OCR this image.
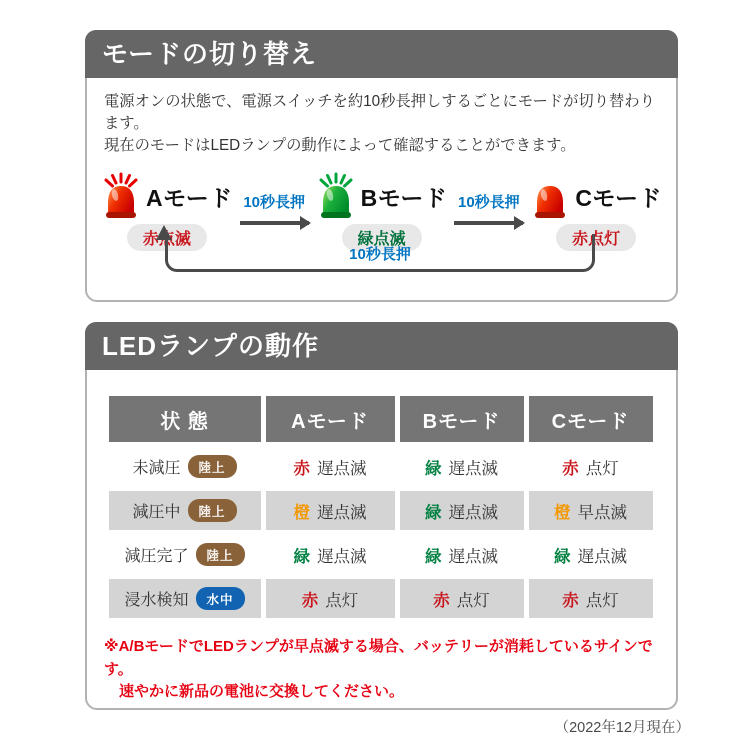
モードの切り替え
電源オンの状態で、電源スイッチを約10秒長押しするごとにモードが切り替わります。
現在のモードはLEDランプの動作によって確認することができます。
Aモード
赤点滅
10秒長押 Bモード
緑点滅
10秒長押 Cモード
赤点灯
10秒長押
LEDランプの動作
状 態	Aモード	Bモード	Cモード
未減圧	陸上	赤 遅点滅	緑 遅点滅	赤 点灯
減圧中	陸上	橙 遅点滅	緑 遅点滅	橙 早点滅
減圧完了	陸上	緑 遅点滅	緑 遅点滅	緑 遅点滅
浸水検知	水中	赤 点灯	赤 点灯	赤 点灯
※A/BモードでLEDランプが早点滅する場合、バッテリーが消耗しているサインです。
速やかに新品の電池に交換してください。
（2022年12月現在）
